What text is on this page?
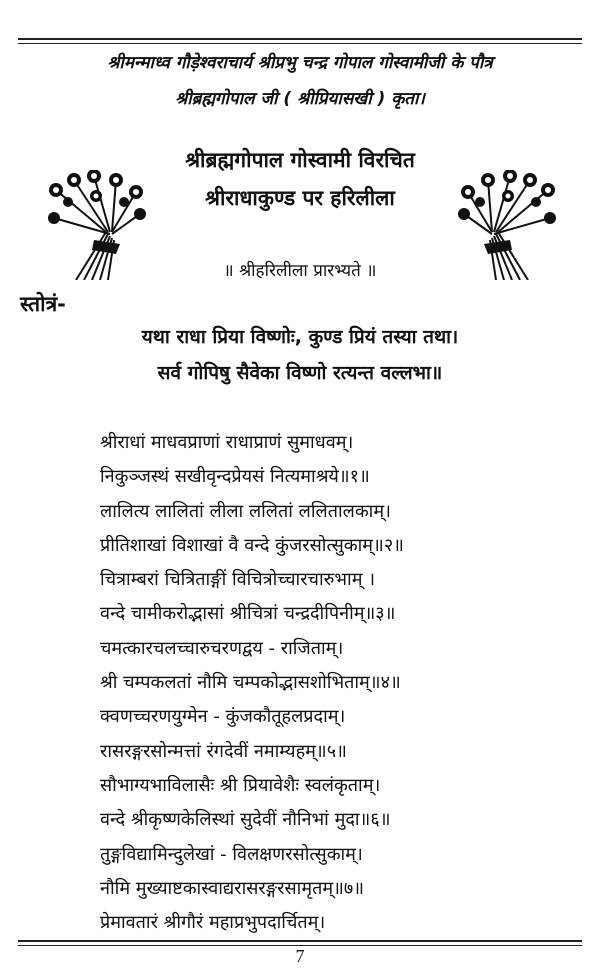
श्रीमन्माध्व गौड़ेश्वराचार्य श्रीप्रभु चन्द्र गोपाल गोस्वामीजी के पौत्र
श्रीब्रह्मगोपाल जी ( श्रीप्रियासखी ) कृता।
श्रीब्रह्मगोपाल गोस्वामी विरचित
श्रीराधाकुण्ड पर हरिलीला
॥ श्रीहरिलीला प्रारभ्यते ॥
स्तोत्रं-
यथा राधा प्रिया विष्णोः, कुण्ड प्रियं तस्या तथा।
सर्व गोपिषु सैवेका विष्णो रत्यन्त वल्लभा॥
श्रीराधां माधवप्राणां राधाप्राणं सुमाधवम्।
निकुञ्जस्थं सखीवृन्दप्रेयसं नित्यमाश्रये॥१॥
लालित्य लालितां लीला ललितां ललितालकाम्।
प्रीतिशाखां विशाखां वै वन्दे कुंजरसोत्सुकाम्॥२॥
चित्राम्बरां चित्रिताङ्गीं विचित्रोच्चारचारुभाम् ।
वन्दे चामीकरोद्भासां श्रीचित्रां चन्द्रदीपिनीम्॥३॥
चमत्कारचलच्चारुचरणद्वय - राजिताम्।
श्री चम्पकलतां नौमि चम्पकोद्भासशोभिताम्॥४॥
क्वणच्चरणयुग्मेन - कुंजकौतूहलप्रदाम्।
रासरङ्गरसोन्मत्तां रंगदेवीं नमाम्यहम्॥५॥
सौभाग्यभाविलासैः श्री प्रियावेशैः स्वलंकृताम्।
वन्दे श्रीकृष्णकेलिस्थां सुदेवीं नौनिभां मुदा॥६॥
तुङ्गविद्यामिन्दुलेखां - विलक्षणरसोत्सुकाम्।
नौमि मुख्याष्टकास्वाद्यरासरङ्गरसामृतम्॥७॥
प्रेमावतारं श्रीगौरं महाप्रभुपदार्चितम्।
7
